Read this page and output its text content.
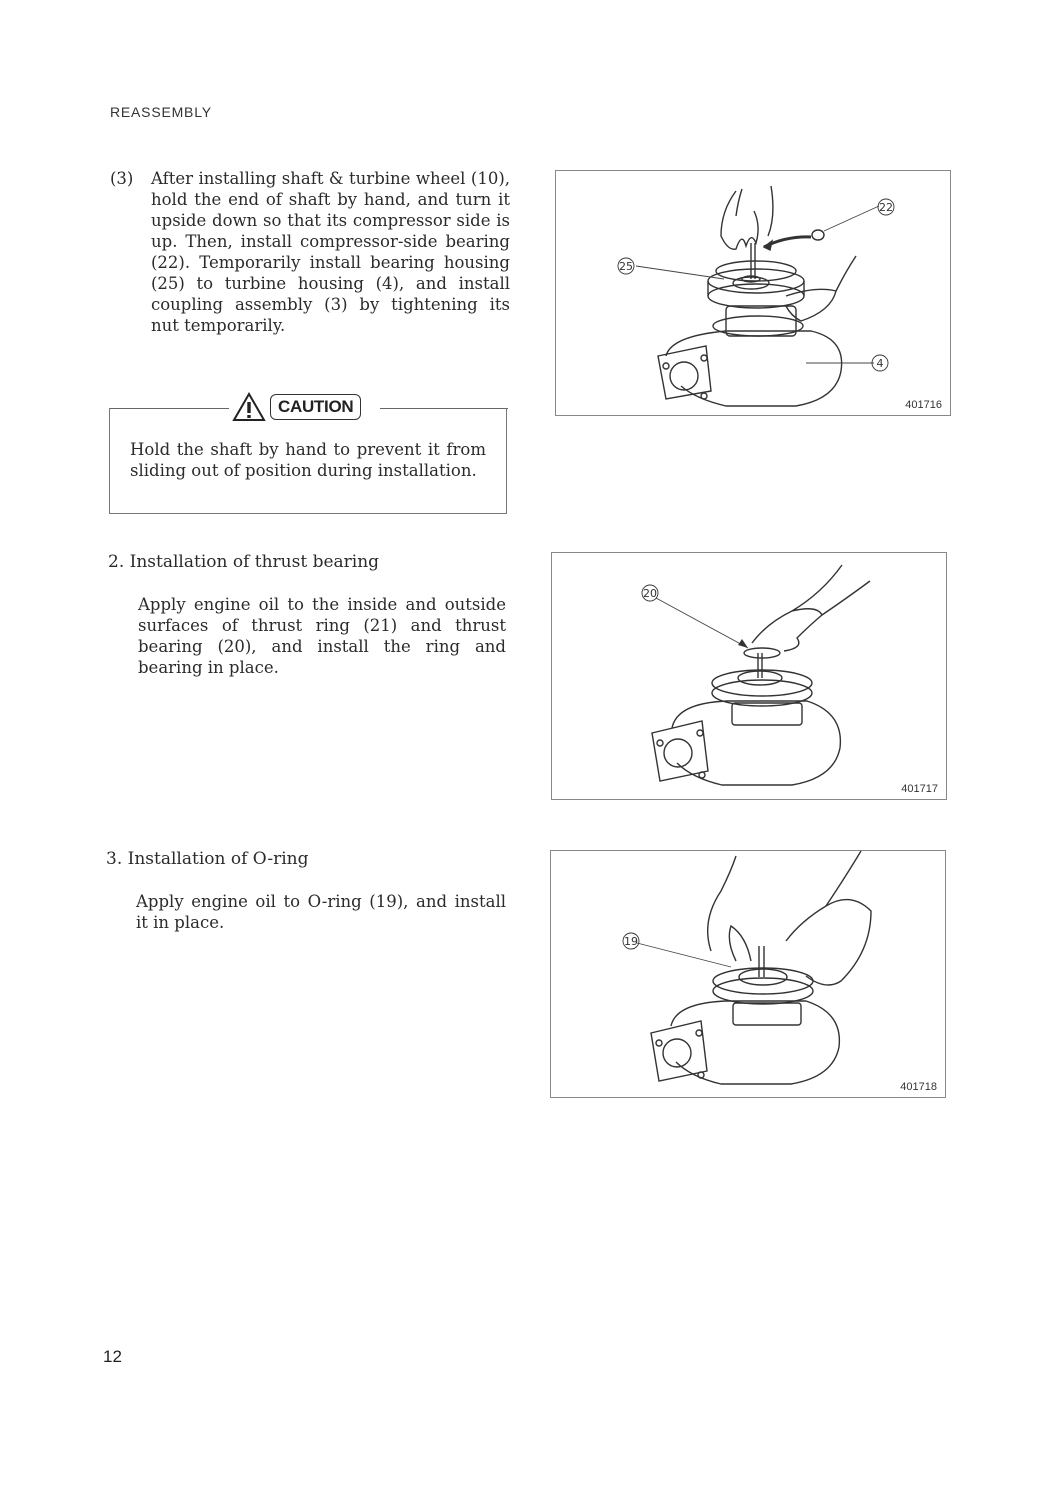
REASSEMBLY
(3) After installing shaft & turbine wheel (10), hold the end of shaft by hand, and turn it upside down so that its compressor side is up. Then, install compressor-side bearing (22). Temporarily install bearing housing (25) to turbine housing (4), and install coupling assembly (3) by tightening its nut temporarily.
CAUTION
Hold the shaft by hand to prevent it from sliding out of position during installation.
2. Installation of thrust bearing
Apply engine oil to the inside and outside surfaces of thrust ring (21) and thrust bearing (20), and install the ring and bearing in place.
3. Installation of O-ring
Apply engine oil to O-ring (19), and install it in place.
22
25
4
401716
20
401717
19
401718
12
